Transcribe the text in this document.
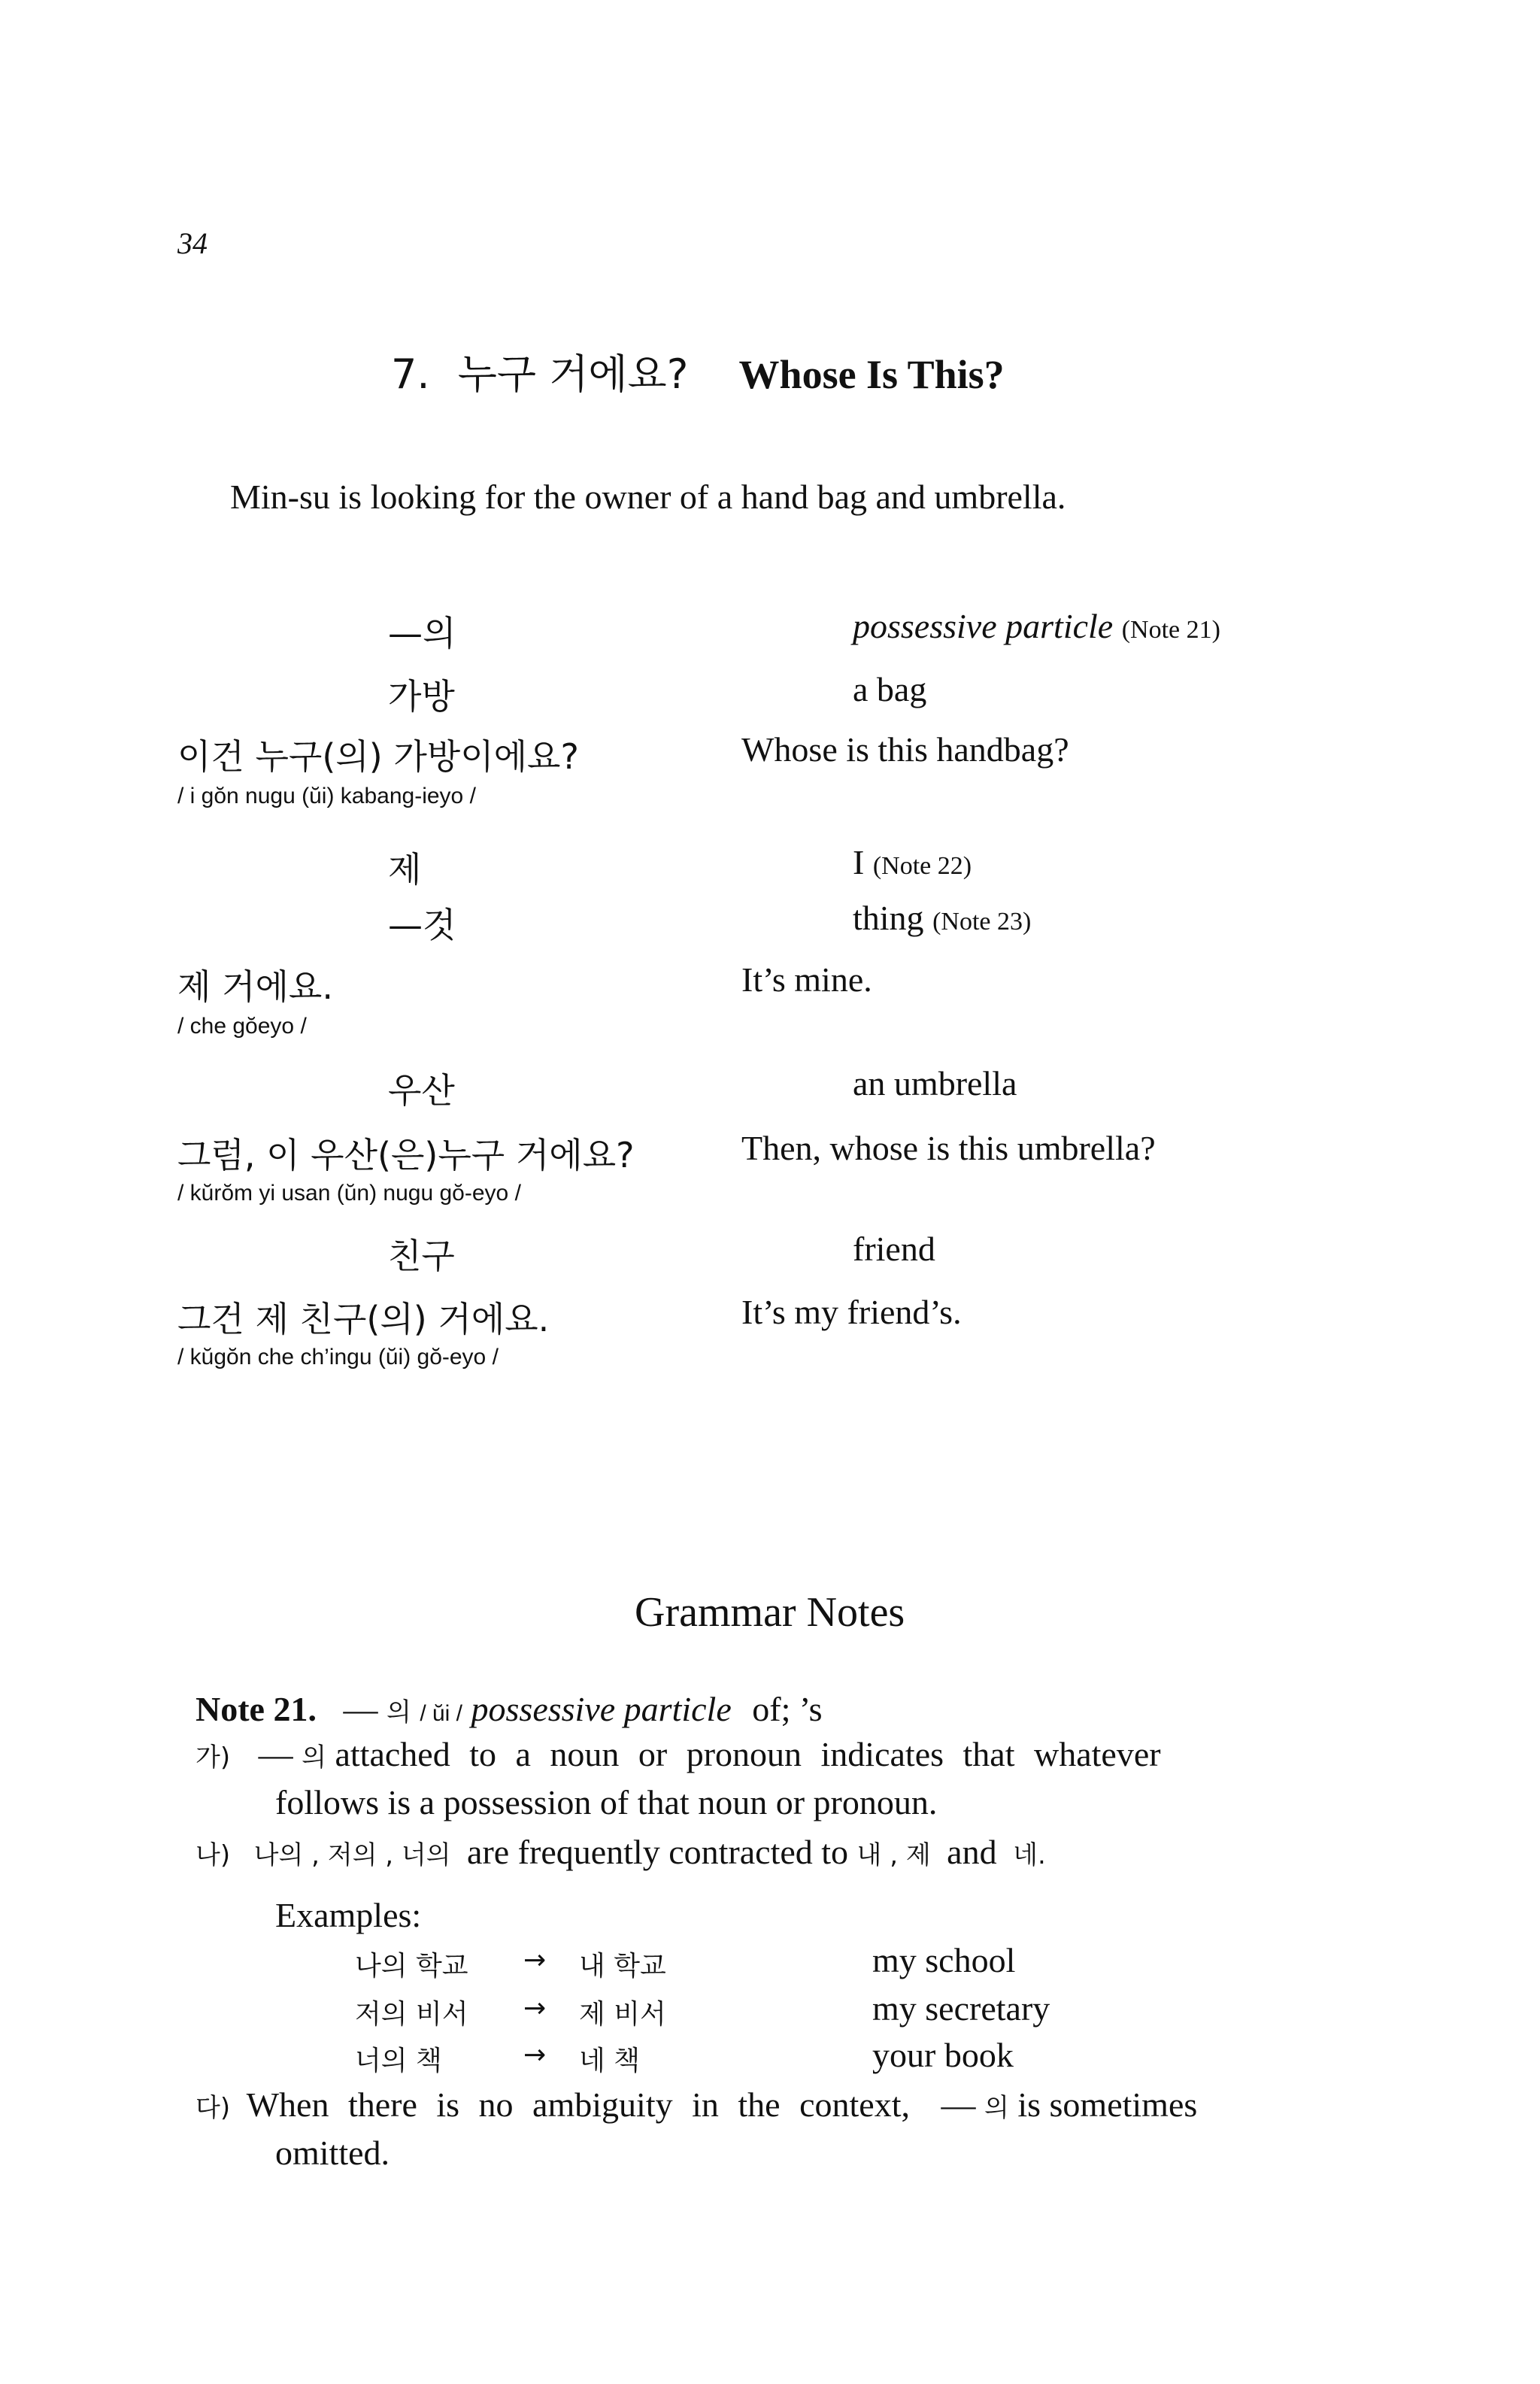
34
7. 누구 거에요? Whose Is This?
Min-su is looking for the owner of a hand bag and umbrella.
—의	possessive particle (Note 21)
가방	a bag
이건 누구(의) 가방이에요?	Whose is this handbag?
/ i gŏn nugu (ŭi) kabang-ieyo /
제	I (Note 22)
—것	thing (Note 23)
제 거에요.	It’s mine.
/ che gŏeyo /
우산	an umbrella
그럼, 이 우산(은)누구 거에요?	Then, whose is this umbrella?
/ kŭrŏm yi usan (ŭn) nugu gŏ-eyo /
친구	friend
그건 제 친구(의) 거에요.	It’s my friend’s.
/ kŭgŏn che ch’ingu (ŭi) gŏ-eyo /
Grammar Notes
Note 21. — 의 / ŭi / possessive particle of; ’s
가) — 의 attached to a noun or pronoun indicates that whatever
follows is a possession of that noun or pronoun.
나) 나의 , 저의 , 너의 are frequently contracted to 내 , 제 and 네.
Examples:
나의 학교 → 내 학교	my school
저의 비서 → 제 비서	my secretary
너의 책	→ 네 책	your book
다) When there is no ambiguity in the context, — 의 is sometimes
omitted.
